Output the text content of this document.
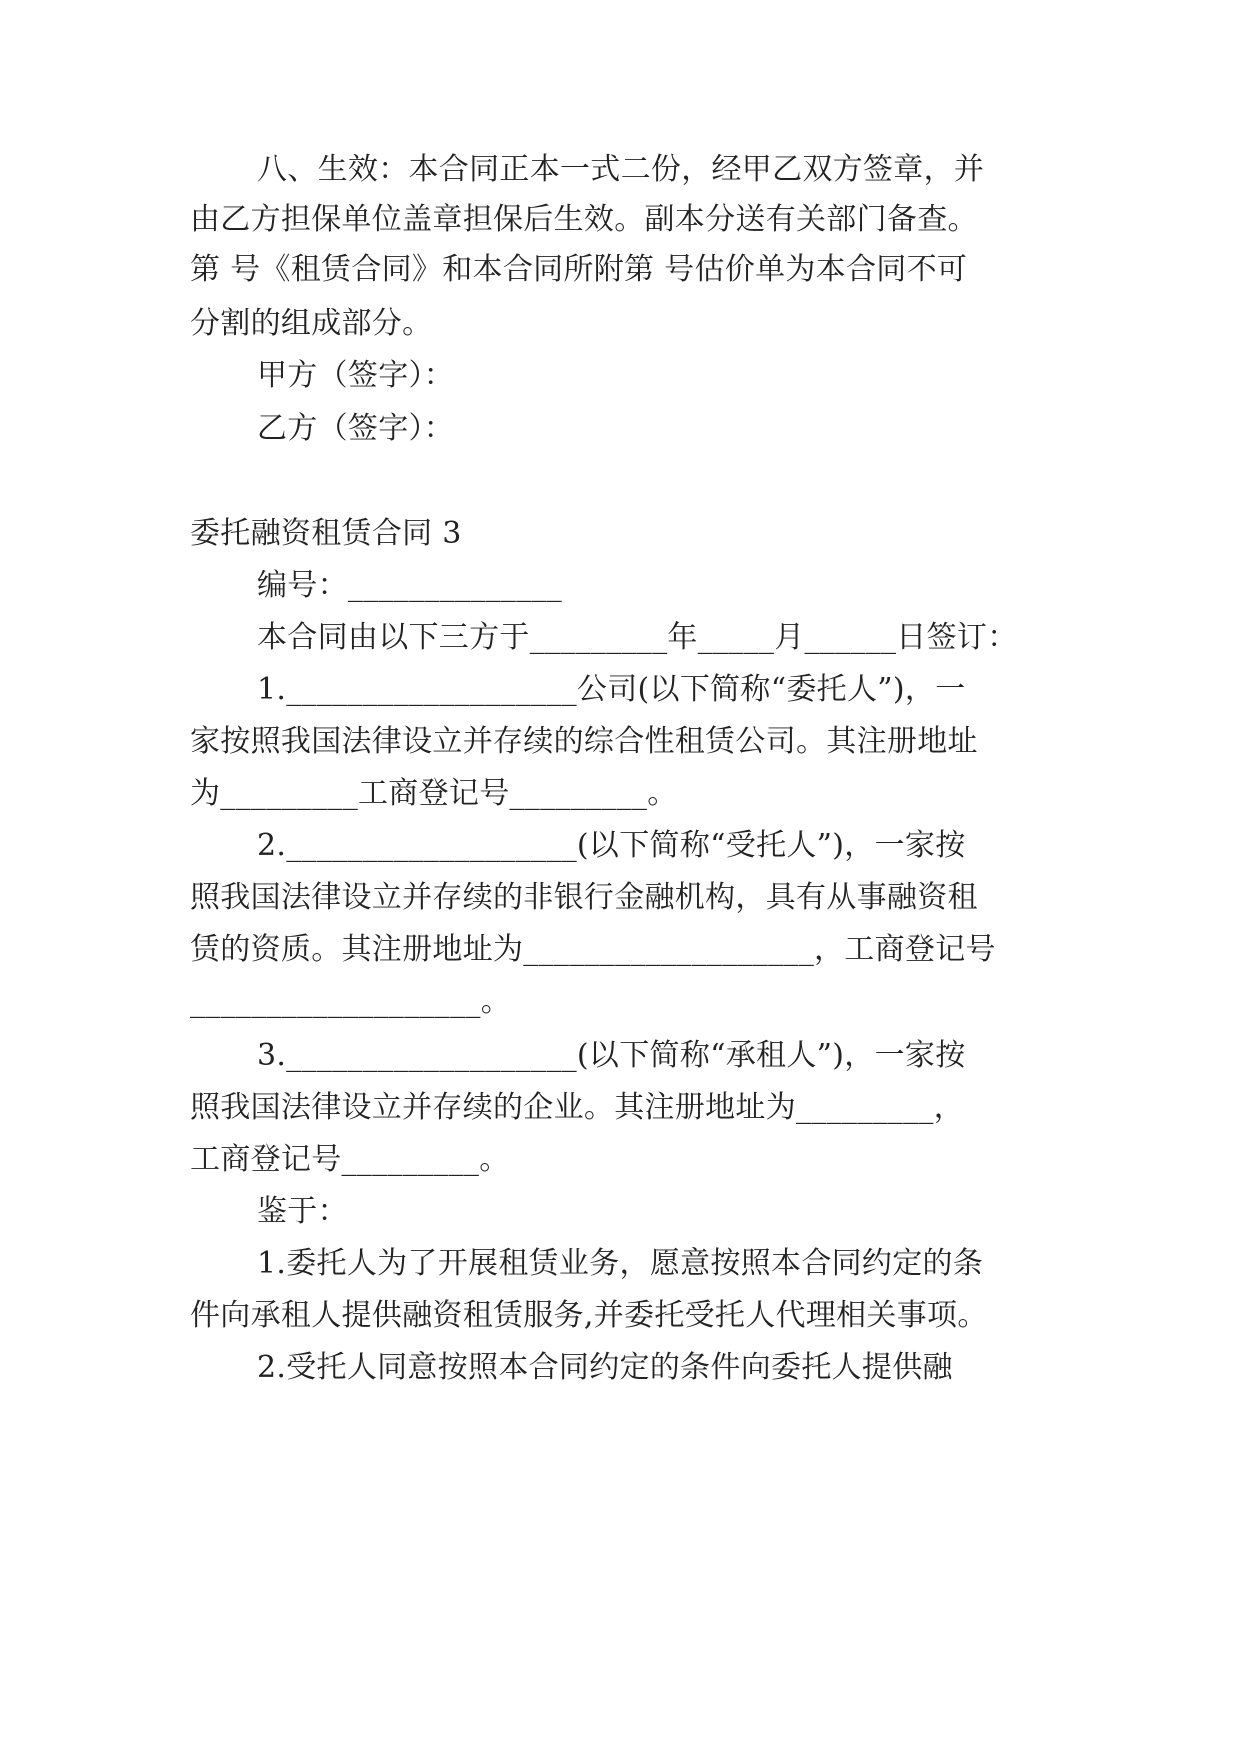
八、生效：本合同正本一式二份，经甲乙双方签章，并
由乙方担保单位盖章担保后生效。副本分送有关部门备查。
第 号《租赁合同》和本合同所附第 号估价单为本合同不可
分割的组成部分。
甲方（签字）：
乙方（签字）：
委托融资租赁合同 3
编号：______________
本合同由以下三方于_________年_____月______日签订：
1.___________________公司(以下简称“委托人”)，一
家按照我国法律设立并存续的综合性租赁公司。其注册地址
为_________工商登记号_________。
2.___________________(以下简称“受托人”)，一家按
照我国法律设立并存续的非银行金融机构，具有从事融资租
赁的资质。其注册地址为___________________，工商登记号
___________________。
3.___________________(以下简称“承租人”)，一家按
照我国法律设立并存续的企业。其注册地址为_________，
工商登记号_________。
鉴于：
1.委托人为了开展租赁业务，愿意按照本合同约定的条
件向承租人提供融资租赁服务,并委托受托人代理相关事项。
2.受托人同意按照本合同约定的条件向委托人提供融
